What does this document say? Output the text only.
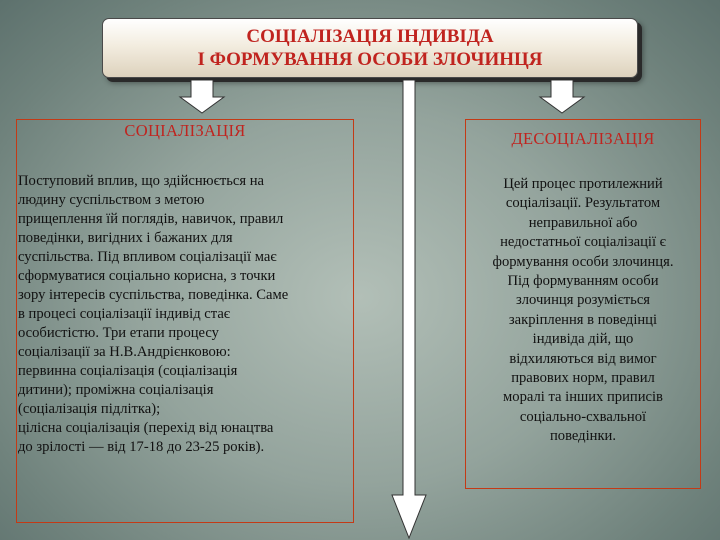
СОЦІАЛІЗАЦІЯ ІНДИВІДА
І ФОРМУВАННЯ ОСОБИ ЗЛОЧИНЦЯ
СОЦІАЛІЗАЦІЯ
Поступовий вплив, що здійснюється на
людину суспільством з метою
прищеплення їй поглядів, навичок, правил
поведінки, вигідних і бажаних для
суспільства. Під впливом соціалізації має
сформуватися соціально корисна, з точки
зору інтересів суспільства, поведінка. Саме
в процесі соціалізації індивід стає
особистістю. Три етапи процесу
соціалізації за Н.В.Андрієнковою:
первинна соціалізація (соціалізація
дитини); проміжна соціалізація
(соціалізація підлітка);
цілісна соціалізація (перехід від юнацтва
до зрілості — від 17-18 до 23-25 років).
ДЕСОЦІАЛІЗАЦІЯ
Цей процес протилежний
соціалізації. Результатом
неправильної або
недостатньої соціалізації є
формування особи злочинця.
Під формуванням особи
злочинця розуміється
закріплення в поведінці
індивіда дій, що
відхиляються від вимог
правових норм, правил
моралі та інших приписів
соціально-схвальної
поведінки.
